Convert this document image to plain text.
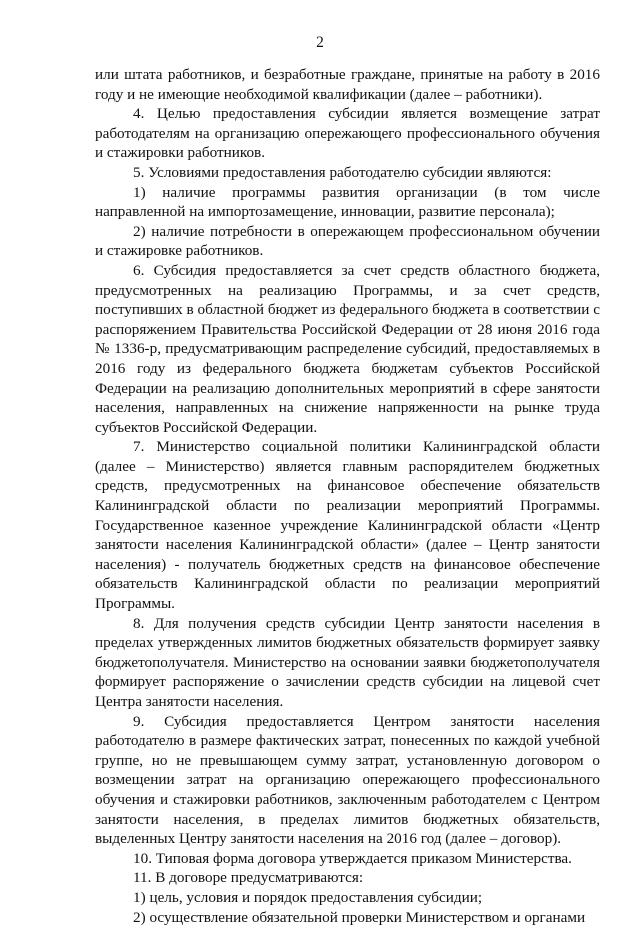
2

или штата работников, и безработные граждане, принятые на работу в 2016 году и не имеющие необходимой квалификации (далее – работники).

4. Целью предоставления субсидии является возмещение затрат работодателям на организацию опережающего профессионального обучения и стажировки работников.

5. Условиями предоставления работодателю субсидии являются:

1) наличие программы развития организации (в том числе направленной на импортозамещение, инновации, развитие персонала);

2) наличие потребности в опережающем профессиональном обучении и стажировке работников.

6. Субсидия предоставляется за счет средств областного бюджета, предусмотренных на реализацию Программы, и за счет средств, поступивших в областной бюджет из федерального бюджета в соответствии с распоряжением Правительства Российской Федерации от 28 июня 2016 года № 1336-р, предусматривающим распределение субсидий, предоставляемых в 2016 году из федерального бюджета бюджетам субъектов Российской Федерации на реализацию дополнительных мероприятий в сфере занятости населения, направленных на снижение напряженности на рынке труда субъектов Российской Федерации.

7. Министерство социальной политики Калининградской области (далее – Министерство) является главным распорядителем бюджетных средств, предусмотренных на финансовое обеспечение обязательств Калининградской области по реализации мероприятий Программы. Государственное казенное учреждение Калининградской области «Центр занятости населения Калининградской области» (далее – Центр занятости населения) - получатель бюджетных средств на финансовое обеспечение обязательств Калининградской области по реализации мероприятий Программы.

8. Для получения средств субсидии Центр занятости населения в пределах утвержденных лимитов бюджетных обязательств формирует заявку бюджетополучателя. Министерство на основании заявки бюджетополучателя формирует распоряжение о зачислении средств субсидии на лицевой счет Центра занятости населения.

9. Субсидия предоставляется Центром занятости населения работодателю в размере фактических затрат, понесенных по каждой учебной группе, но не превышающем сумму затрат, установленную договором о возмещении затрат на организацию опережающего профессионального обучения и стажировки работников, заключенным работодателем с Центром занятости населения, в пределах лимитов бюджетных обязательств, выделенных Центру занятости населения на 2016 год (далее – договор).

10. Типовая форма договора утверждается приказом Министерства.

11. В договоре предусматриваются:

1) цель, условия и порядок предоставления субсидии;

2) осуществление обязательной проверки Министерством и органами
